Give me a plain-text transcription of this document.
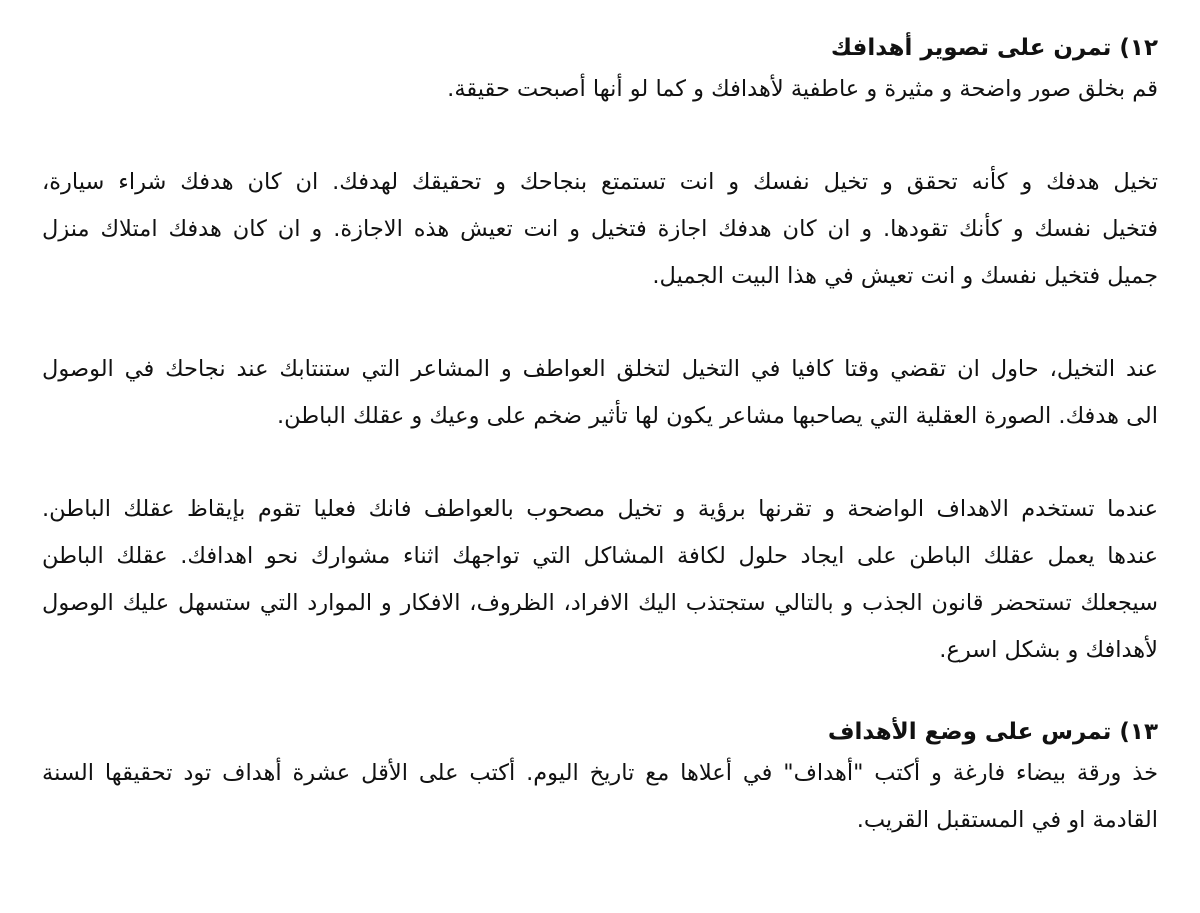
١٢) تمرن على تصوير أهدافك
قم بخلق صور واضحة و مثيرة و عاطفية لأهدافك و كما لو أنها أصبحت حقيقة.
تخيل هدفك و كأنه تحقق و تخيل نفسك و انت تستمتع بنجاحك و تحقيقك لهدفك. ان كان هدفك شراء سيارة،
فتخيل نفسك و كأنك تقودها. و ان كان هدفك اجازة فتخيل و انت تعيش هذه الاجازة. و ان كان هدفك امتلاك منزل
جميل فتخيل نفسك و انت تعيش في هذا البيت الجميل.
عند التخيل، حاول ان تقضي وقتا كافيا في التخيل لتخلق العواطف و المشاعر التي ستنتابك عند نجاحك في الوصول
الى هدفك. الصورة العقلية التي يصاحبها مشاعر يكون لها تأثير ضخم على وعيك و عقلك الباطن.
عندما تستخدم الاهداف الواضحة و تقرنها برؤية و تخيل مصحوب بالعواطف فانك فعليا تقوم بإيقاظ عقلك الباطن.
عندها يعمل عقلك الباطن على ايجاد حلول لكافة المشاكل التي تواجهك اثناء مشوارك نحو اهدافك. عقلك الباطن
سيجعلك تستحضر قانون الجذب و بالتالي ستجتذب اليك الافراد، الظروف، الافكار و الموارد التي ستسهل عليك الوصول
لأهدافك و بشكل اسرع.
١٣) تمرس على وضع الأهداف
خذ ورقة بيضاء فارغة و أكتب "أهداف" في أعلاها مع تاريخ اليوم. أكتب على الأقل عشرة أهداف تود تحقيقها السنة
القادمة او في المستقبل القريب.
